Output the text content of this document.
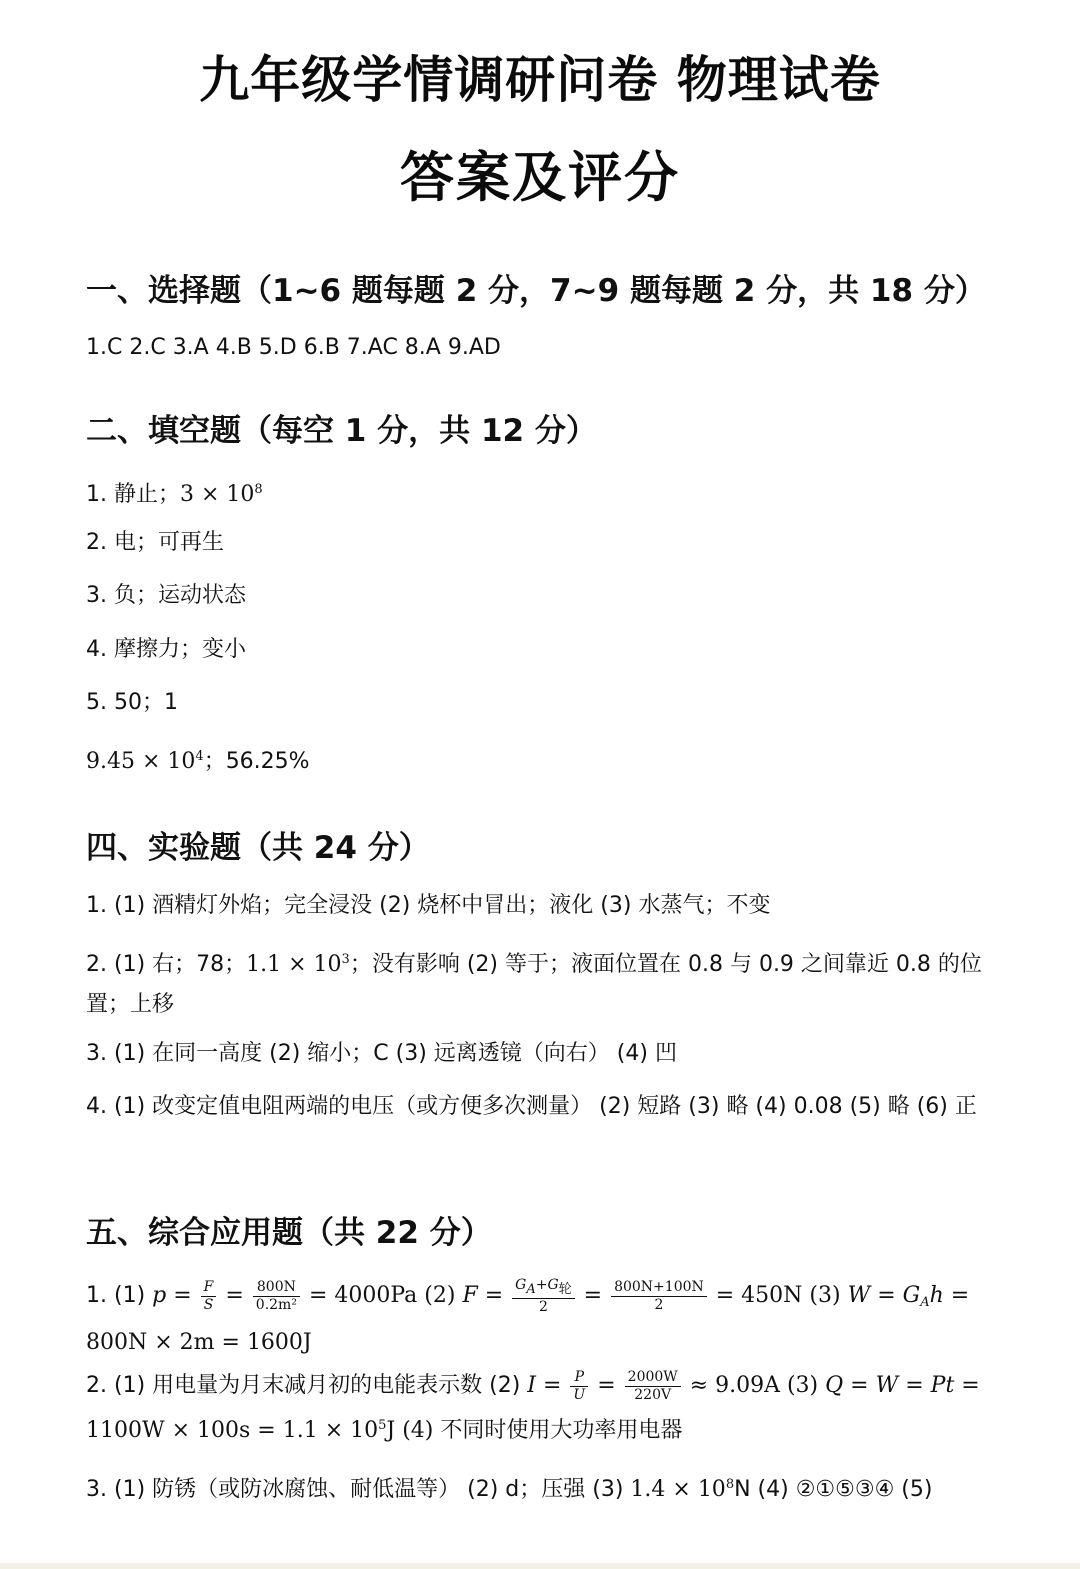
九年级学情调研问卷 物理试卷
答案及评分
一、选择题（1~6 题每题 2 分，7~9 题每题 2 分，共 18 分）
1.C 2.C 3.A 4.B 5.D 6.B 7.AC 8.A 9.AD
二、填空题（每空 1 分，共 12 分）
1. 静止；$3 \times 10^8$
2. 电；可再生
3. 负；运动状态
4. 摩擦力；变小
5. 50；1
$9.45 \times 10^4$；56.25%
四、实验题（共 24 分）
1. (1) 酒精灯外焰；完全浸没 (2) 烧杯中冒出；液化 (3) 水蒸气；不变
2. (1) 右；78；$1.1 \times 10^3$；没有影响 (2) 等于；液面位置在 0.8 与 0.9 之间靠近 0.8 的位置；上移
3. (1) 在同一高度 (2) 缩小；C (3) 远离透镜（向右） (4) 凹
4. (1) 改变定值电阻两端的电压（或方便多次测量） (2) 短路 (3) 略 (4) 0.08 (5) 略 (6) 正
五、综合应用题（共 22 分）
1. (1) $p = \frac{F}{S} = \frac{800N}{\text{0.2m²}} = 4000Pa$ (2) $F = \frac{G_A+G_轮}{2} = \frac{800N+100N}{2} = 450N$ (3) $W = G_Ah = 800N \times 2m = 1600J$
2. (1) 用电量为月末减月初的电能表示数 (2) $I = \frac{P}{U} = \frac{2000W}{220V} \approx 9.09A$ (3) $Q = W = Pt = 1100W \times 100s = 1.1 \times 10^5J$ (4) 不同时使用大功率用电器
3. (1) 防锈（或防冰腐蚀、耐低温等） (2) d；压强 (3) $1.4 \times 10^8N$ (4) ②①⑤③④ (5)
